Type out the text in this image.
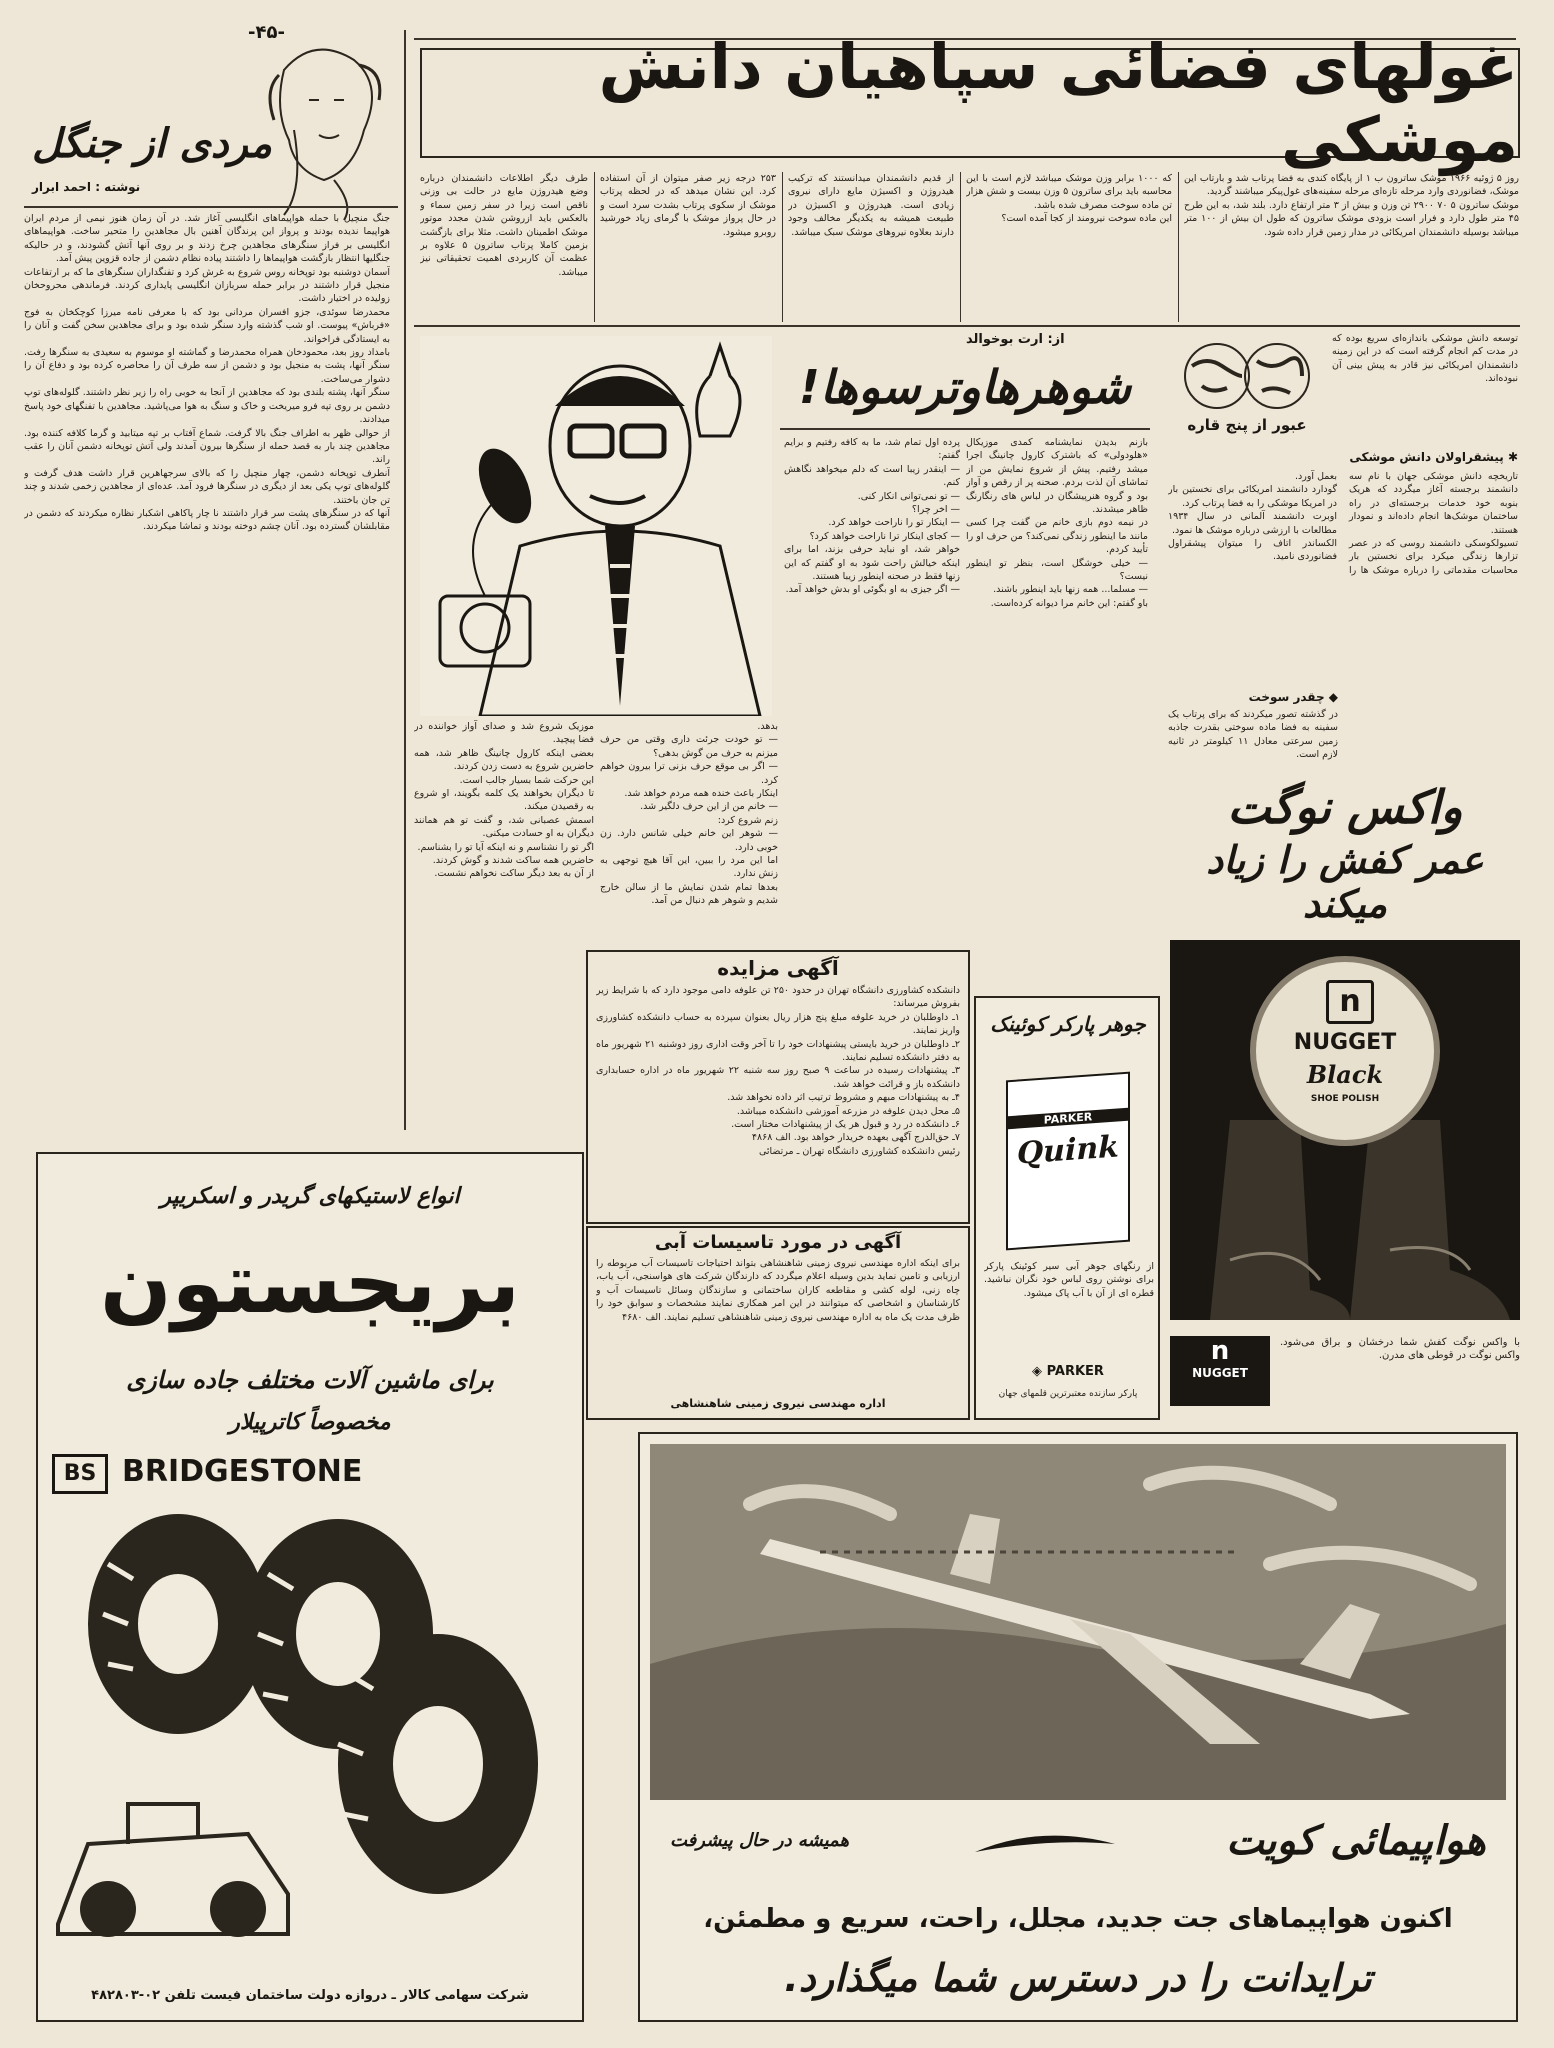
-۴۵-	غولهای فضائی سپاهیان دانش موشکی
روز ۵ ژوئیه ۱۹۶۶ موشک ساترون ب ۱ از پایگاه کندی به فضا پرتاب شد و بارتاب این موشک، فضانوردی وارد مرحله تازه‌ای مرحله سفینه‌های غول‌پیکر میباشند گردید.
موشک ساترون ۵ ۷۰ ۲۹۰۰ تن وزن و بیش از ۳ متر ارتفاع دارد. بلند شد، به این طرح ۴۵ متر طول دارد و فرار است بزودی موشک ساترون که طول ان بیش از ۱۰۰ متر میباشد بوسیله دانشمندان امریکائی در مدار زمین قرار داده شود.
که ۱۰۰۰ برابر وزن موشک میباشد لازم است با این محاسبه باید برای ساترون ۵ وزن بیست و شش هزار تن ماده سوخت مصرف شده باشد.
این ماده سوخت نیرومند از کجا آمده است؟
از قدیم دانشمندان میدانستند که ترکیب هیدروژن و اکسیژن مایع دارای نیروی زیادی است. هیدروژن و اکسیژن در طبیعت همیشه به یکدیگر مخالف وجود دارند بعلاوه نیروهای موشک سبک میباشد.
۲۵۳ درجه زیر صفر میتوان از آن استفاده کرد. این نشان میدهد که در لحظه پرتاب موشک از سکوی پرتاب بشدت سرد است و در حال پرواز موشک با گرمای زیاد خورشید روبرو میشود.
طرف دیگر اطلاعات دانشمندان درباره وضع هیدروژن مایع در حالت بی وزنی ناقص است زیرا در سفر زمین سماء و بالعکس باید ازروشن شدن مجدد موتور موشک اطمینان داشت. مثلا برای بازگشت بزمین کاملا پرتاب ساترون ۵ علاوه بر عظمت آن کاربردی اهمیت تحقیقاتی نیز میباشد.
مردی از جنگل
نوشته : احمد ابرار
جنگ منچیل با حمله هواپیماهای انگلیسی آغاز شد. در آن زمان هنوز نیمی از مردم ایران هواپیما ندیده بودند و پرواز این پرندگان آهنین بال مجاهدین را متحیر ساخت. هواپیماهای انگلیسی بر فراز سنگرهای مجاهدین چرخ زدند و بر روی آنها آتش گشودند، و در حالیکه جنگلیها انتظار بازگشت هواپیماها را داشتند پیاده نظام دشمن از جاده قزوین پیش آمد.
آسمان دوشنبه بود توپخانه روس شروع به غرش کرد و تفنگداران سنگرهای ما که بر ارتفاعات منجیل قرار داشتند در برابر حمله سربازان انگلیسی پایداری کردند. فرماندهی محروحخان زولیده در اختیار داشت.
محمدرضا سوئدی، جزو افسران مردانی بود که با معرفی نامه میرزا کوچکخان به فوج «فرباش» پیوست. او شب گذشته وارد سنگر شده بود و برای مجاهدین سخن گفت و آنان را به ایستادگی فراخواند.
بامداد روز بعد، محمودخان همراه محمدرضا و گماشته او موسوم به سعیدی به سنگرها رفت. سنگر آنها، پشت به منجیل بود و دشمن از سه طرف آن را محاصره کرده بود و دفاع آن را دشوار می‌ساخت.
سنگر آنها، پشته بلندی بود که مجاهدین از آنجا به خوبی راه را زیر نظر داشتند. گلوله‌های توپ دشمن بر روی تپه فرو میریخت و خاک و سنگ به هوا می‌پاشید. مجاهدین با تفنگهای خود پاسخ میدادند.
از حوالی ظهر به اطراف جنگ بالا گرفت. شماع آفتاب بر تپه میتابید و گرما کلافه کننده بود. مجاهدین چند بار به قصد حمله از سنگرها بیرون آمدند ولی آتش توپخانه دشمن آنان را عقب راند.
آنطرف توپخانه دشمن، چهار منچیل را که بالای سرجهاهرین قرار داشت هدف گرفت و گلوله‌های توپ یکی بعد از دیگری در سنگرها فرود آمد. عده‌ای از مجاهدین زخمی شدند و چند تن جان باختند.
آنها که در سنگرهای پشت سر قرار داشتند نا چار پاکاهی اشکبار نظاره میکردند که دشمن در مقابلشان گسترده بود. آنان چشم دوخته بودند و تماشا میکردند.
عبور از پنج قاره
توسعه دانش موشکی باندازه‌ای سریع بوده که در مدت کم انجام گرفته است که در این زمینه دانشمندان امریکائی نیز قادر به پیش بینی آن نبوده‌اند.
✱ پیشقراولان دانش موشکی
تاریخچه دانش موشکی جهان با نام سه دانشمند برجسته آغاز میگردد که هریک بنوبه خود خدمات برجسته‌ای در راه ساختمان موشک‌ها انجام داده‌اند و نمودار هستند.
تسیولکوسکی دانشمند روسی که در عصر تزارها زندگی میکرد برای نخستین بار محاسبات مقدماتی را درباره موشک ها را بعمل آورد.
گودارد دانشمند امریکائی برای نخستین بار در امریکا موشکی را به فضا پرتاب کرد.
اوبرت دانشمند آلمانی در سال ۱۹۳۴ مطالعات با ارزشی درباره موشک ها نمود.
الکساندر اتاف را میتوان پیشقراول فضانوردی نامید.
◆ چقدر سوخت
در گذشته تصور میکردند که برای پرتاب یک سفینه به فضا ماده سوختی بقدرت جاذبه زمین سرعتی معادل ۱۱ کیلومتر در ثانیه لازم است.
از: ارت بوخوالد
شوهرهاوترسوها!
بازنم بدیدن نمایشنامه کمدی موزیکال «هلودولی» که باشترک کارول چانینگ اجرا میشد رفتیم. پیش از شروع نمایش من از تماشای آن لذت بردم. صحنه پر از رقص و آواز بود و گروه هنرپیشگان در لباس های رنگارنگ ظاهر میشدند.
در نیمه دوم بازی خانم من گفت چرا کسی مانند ما اینطور زندگی نمی‌کند؟ من حرف او را تأیید کردم.
— خیلی خوشگل است، بنظر تو اینطور نیست؟
— مسلما... همه زنها باید اینطور باشند.
باو گفتم: این خانم مرا دیوانه کرده‌است.
پرده اول تمام شد، ما به کافه رفتیم و برایم گفتم:
— اینقدر زیبا است که دلم میخواهد نگاهش کنم.
— تو نمی‌توانی انکار کنی.
— اخر چرا؟
— اینکار تو را ناراحت خواهد کرد.
— کجای اینکار ترا ناراحت خواهد کرد؟
خواهر شد، او نباید حرفی بزند، اما برای اینکه خیالش راحت شود به او گفتم که این زنها فقط در صحنه اینطور زیبا هستند.
— اگر جیزی به او بگوئی او بدش خواهد آمد.
بدهد.
— تو خودت جرئت داری وقتی من حرف میزنم به حرف من گوش بدهی؟
— اگر بی موقع حرف بزنی ترا بیرون خواهم کرد.
اینکار باعث خنده همه مردم خواهد شد.
— خانم من از این حرف دلگیر شد.
زنم شروع کرد:
— شوهر این خانم خیلی شانس دارد. زن خوبی دارد.
اما این مرد را ببین، این آقا هیچ توجهی به زنش ندارد.
بعدها تمام شدن نمایش ما از سالن خارج شدیم و شوهر هم دنبال من آمد.
موزیک شروع شد و صدای آواز خواننده در فضا پیچید.
بعضی اینکه کارول چانینگ ظاهر شد، همه حاضرین شروع به دست زدن کردند.
این حرکت شما بسیار جالب است.
تا دیگران بخواهند یک کلمه بگویند، او شروع به رقصیدن میکند.
اسمش عصبانی شد، و گفت تو هم همانند دیگران به او حسادت میکنی.
اگر تو را نشناسم و نه اینکه آیا تو را بشناسم.
حاضرین همه ساکت شدند و گوش کردند.
از آن به بعد دیگر ساکت نخواهم نشست.
آگهی مزایده
دانشکده کشاورزی دانشگاه تهران در حدود ۲۵۰ ‌تن علوفه دامی موجود دارد که با شرایط زیر بفروش میرساند:
۱ـ داوطلبان در خرید علوفه مبلغ پنج هزار ریال بعنوان سپرده به حساب دانشکده کشاورزی واریز نمایند.
۲ـ داوطلبان در خرید بایستی پیشنهادات خود را تا آخر وقت اداری روز دوشنبه ۲۱ شهریور ماه به دفتر دانشکده تسلیم نمایند.
۳ـ پیشنهادات رسیده در ساعت ۹ صبح روز سه شنبه ۲۲ شهریور ماه در اداره حسابداری دانشکده باز و قرائت خواهد شد.
۴ـ به پیشنهادات مبهم و مشروط ترتیب اثر داده نخواهد شد.
۵ـ محل دیدن علوفه در مزرعه آموزشی دانشکده میباشد.
۶ـ دانشکده در رد و قبول هر یک از پیشنهادات مختار است.
۷ـ حق‌الدرج آگهی بعهده خریدار خواهد بود. الف ۴۸۶۸
رئیس دانشکده کشاورزی دانشگاه تهران ـ مرتضائی
آگهی در مورد تاسیسات آبی
برای اینکه اداره مهندسی نیروی زمینی شاهنشاهی بتواند احتیاجات تاسیسات آب مربوطه را ارزیابی و تامین نماید بدین وسیله اعلام میگردد که دارندگان شرکت های هواسنجی، آب یاب، چاه زنی، لوله کشی و مقاطعه کاران ساختمانی و سازندگان وسائل تاسیسات آب و کارشناسان و اشخاصی که میتوانند در این امر همکاری نمایند مشخصات و سوابق خود را ظرف مدت یک ماه به اداره مهندسی نیروی زمینی شاهنشاهی تسلیم نمایند. الف ۴۶۸۰
اداره مهندسی نیروی زمینی شاهنشاهی
جوهر پارکر کوئینک
PARKER
Quink
از رنگهای جوهر آبی سیر کوئینک پارکر برای نوشتن روی لباس خود نگران نباشید. قطره ای از آن با آب پاک میشود.
◈ PARKER
پارکر سازنده معتبرترین قلمهای جهان
واکس نوگت
عمر کفش را زیاد میکند
n
NUGGET
Black
SHOE POLISH
با واکس نوگت کفش شما درخشان و براق می‌شود. واکس نوگت در قوطی های مدرن.
n
NUGGET
انواع لاستیکهای گریدر و اسکریپر
بریجستون
برای ماشین آلات مختلف جاده سازی
مخصوصاً کاترپیلار
BRIDGESTONE
BS
شرکت سهامی کالار ـ دروازه دولت ساختمان فیست تلفن ۰۲-۴۸۲۸۰۳
هواپیمائی کویت
همیشه در حال پیشرفت
اکنون هواپیماهای جت جدید، مجلل، راحت، سریع و مطمئن،
ترایدانت را در دسترس شما میگذارد.
